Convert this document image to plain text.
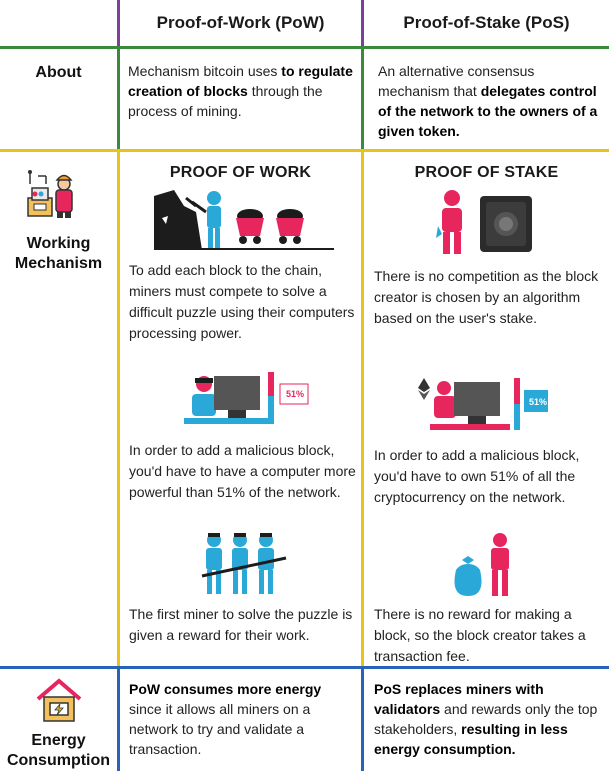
Proof-of-Work (PoW)	Proof-of-Stake (PoS)
About	Mechanism bitcoin uses to regulate creation of blocks through the process of mining.
An alternative consensus mechanism that delegates control of the network to the owners of a given token.
Working
Mechanism
PROOF OF WORK
To add each block to the chain, miners must compete to solve a difficult puzzle using their computers processing power.
51%
In order to add a malicious block, you'd have to have a computer more powerful than 51% of the network.
The first miner to solve the puzzle is given a reward for their work.
PROOF OF STAKE
There is no competition as the block creator is chosen by an algorithm based on the user's stake.
51%
In order to add a malicious block, you'd have to own 51% of all the cryptocurrency on the network.
There is no reward for making a block, so the block creator takes a transaction fee.
Energy
Consumption
PoW consumes more energy since it allows all miners on a network to try and validate a transaction.
PoS replaces miners with validators and rewards only the top stakeholders, resulting in less energy consumption.
